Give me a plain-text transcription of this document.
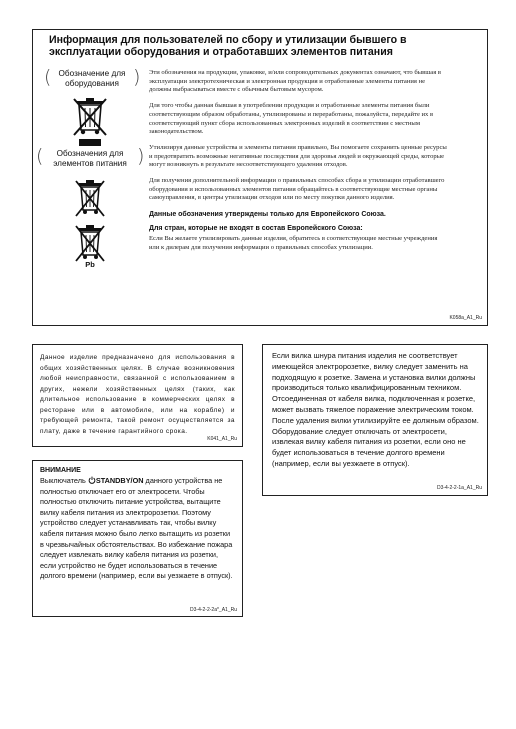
Информация для пользователей по сбору и утилизации бывшего в эксплуатации оборудования и отработавших элементов питания
(	)
Обозначение для оборудования
(	)
Обозначения для элементов питания
Pb

Эти обозначения на продукции, упаковке, и/или сопроводительных документах означают, что бывшая в эксплуатации электротехническая и электронная продукция и отработанные элементы питания не должны выбрасываться вместе с обычным бытовым мусором.

Для того чтобы данная бывшая в употреблении продукция и отработанные элементы питания были соответствующим образом обработаны, утилизированы и переработаны, пожалуйста, передайте их в соответствующий пункт сбора использованных электронных изделий в соответствии с местным законодательством.

Утилизируя данные устройства и элементы питания правильно, Вы помогаете сохранить ценные ресурсы и предотвратить возможные негативные последствия для здоровья людей и окружающей среды, которые могут возникнуть в результате несоответствующего удаления отходов.

Для получения дополнительной информации о правильных способах сбора и утилизации отработавшего оборудования и использованных элементов питания обращайтесь в соответствующие местные органы самоуправления, в центры утилизации отходов или по месту покупки данного изделия.

Данные обозначения утверждены только для Европейского Союза.

Для стран, которые не входят в состав Европейского Союза:

Если Вы желаете утилизировать данные изделия, обратитесь в соответствующие местные учреждения или к дилерам для получения информации о правильных способах утилизации.

K058a_A1_Ru
Данное изделие предназначено для использования в общих хозяйственных целях. В случае возникновения любой неисправности, связанной с использованием в других, нежели хозяйственных целях (таких, как длительное использование в коммерческих целях в ресторане или в автомобиле, или на корабле) и требующей ремонта, такой ремонт осуществляется за плату, даже в течение гарантийного срока.
K041_A1_Ru
ВНИМАНИЕ
Выключатель STANDBY/ON данного устройства не полностью отключает его от электросети. Чтобы полностью отключить питание устройства, вытащите вилку кабеля питания из электророзетки. Поэтому устройство следует устанавливать так, чтобы вилку кабеля питания можно было легко вытащить из розетки в чрезвычайных обстоятельствах. Во избежание пожара следует извлекать вилку кабеля питания из розетки, если устройство не будет использоваться в течение долгого времени (например, если вы уезжаете в отпуск).
D3-4-2-2-2a*_A1_Ru
Если вилка шнура питания изделия не соответствует имеющейся электророзетке, вилку следует заменить на подходящую к розетке. Замена и установка вилки должны производиться только квалифицированным техником. Отсоединенная от кабеля вилка, подключенная к розетке, может вызвать тяжелое поражение электрическим током. После удаления вилки утилизируйте ее должным образом. Оборудование следует отключать от электросети, извлекая вилку кабеля питания из розетки, если оно не будет использоваться в течение долгого времени (например, если вы уезжаете в отпуск).
D3-4-2-2-1a_A1_Ru
